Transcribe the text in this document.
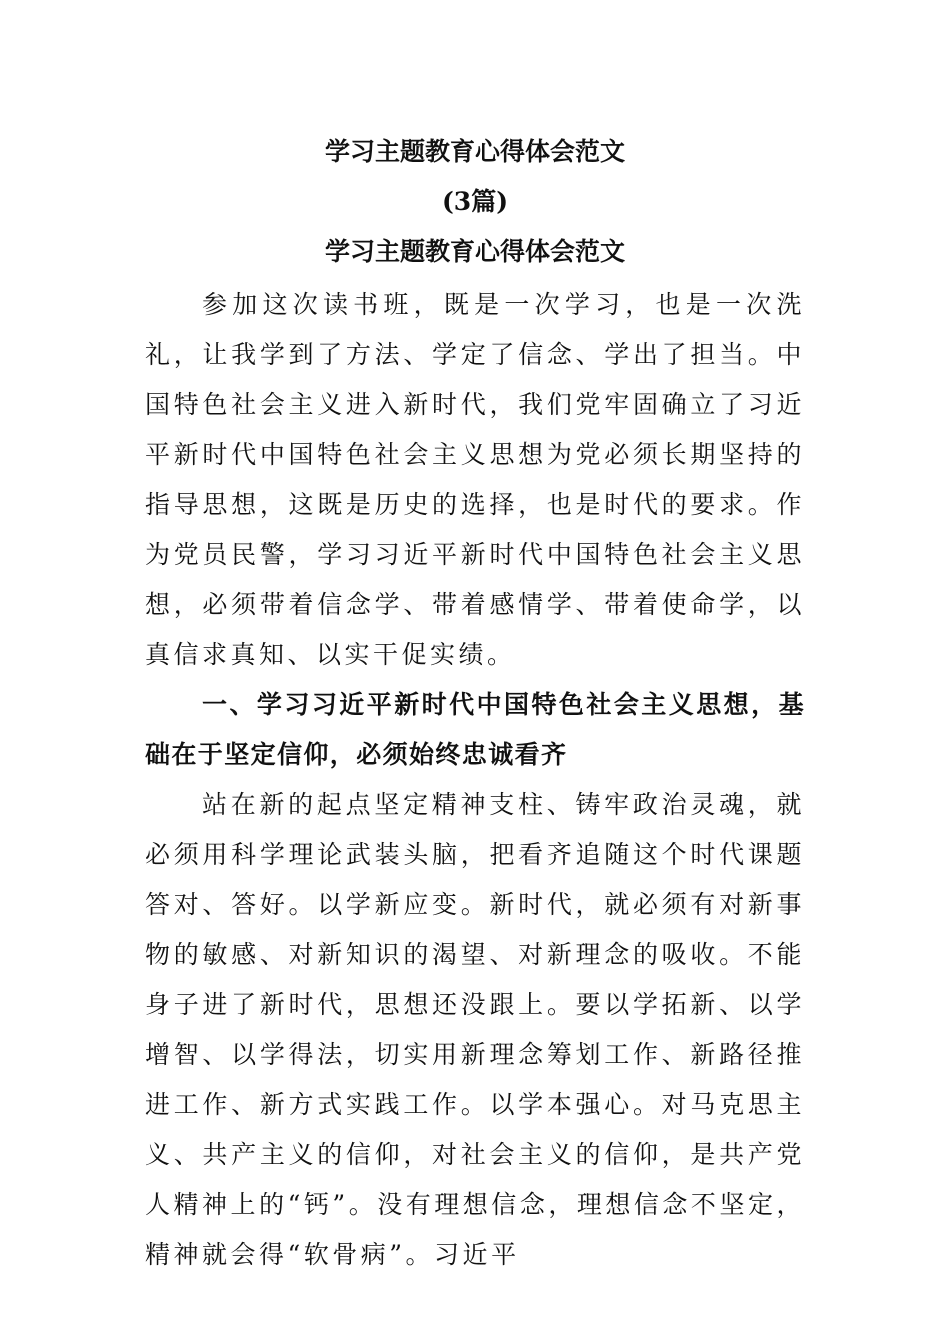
学习主题教育心得体会范文
(3篇)
学习主题教育心得体会范文

参加这次读书班，既是一次学习，也是一次洗礼，让我学到了方法、学定了信念、学出了担当。中国特色社会主义进入新时代，我们党牢固确立了习近平新时代中国特色社会主义思想为党必须长期坚持的指导思想，这既是历史的选择，也是时代的要求。作为党员民警，学习习近平新时代中国特色社会主义思想，必须带着信念学、带着感情学、带着使命学，以真信求真知、以实干促实绩。

一、学习习近平新时代中国特色社会主义思想，基础在于坚定信仰，必须始终忠诚看齐

站在新的起点坚定精神支柱、铸牢政治灵魂，就必须用科学理论武装头脑，把看齐追随这个时代课题答对、答好。以学新应变。新时代，就必须有对新事物的敏感、对新知识的渴望、对新理念的吸收。不能身子进了新时代，思想还没跟上。要以学拓新、以学增智、以学得法，切实用新理念筹划工作、新路径推进工作、新方式实践工作。以学本强心。对马克思主义、共产主义的信仰，对社会主义的信仰，是共产党人精神上的“钙”。没有理想信念，理想信念不坚定，精神就会得“软骨病”。习近平
